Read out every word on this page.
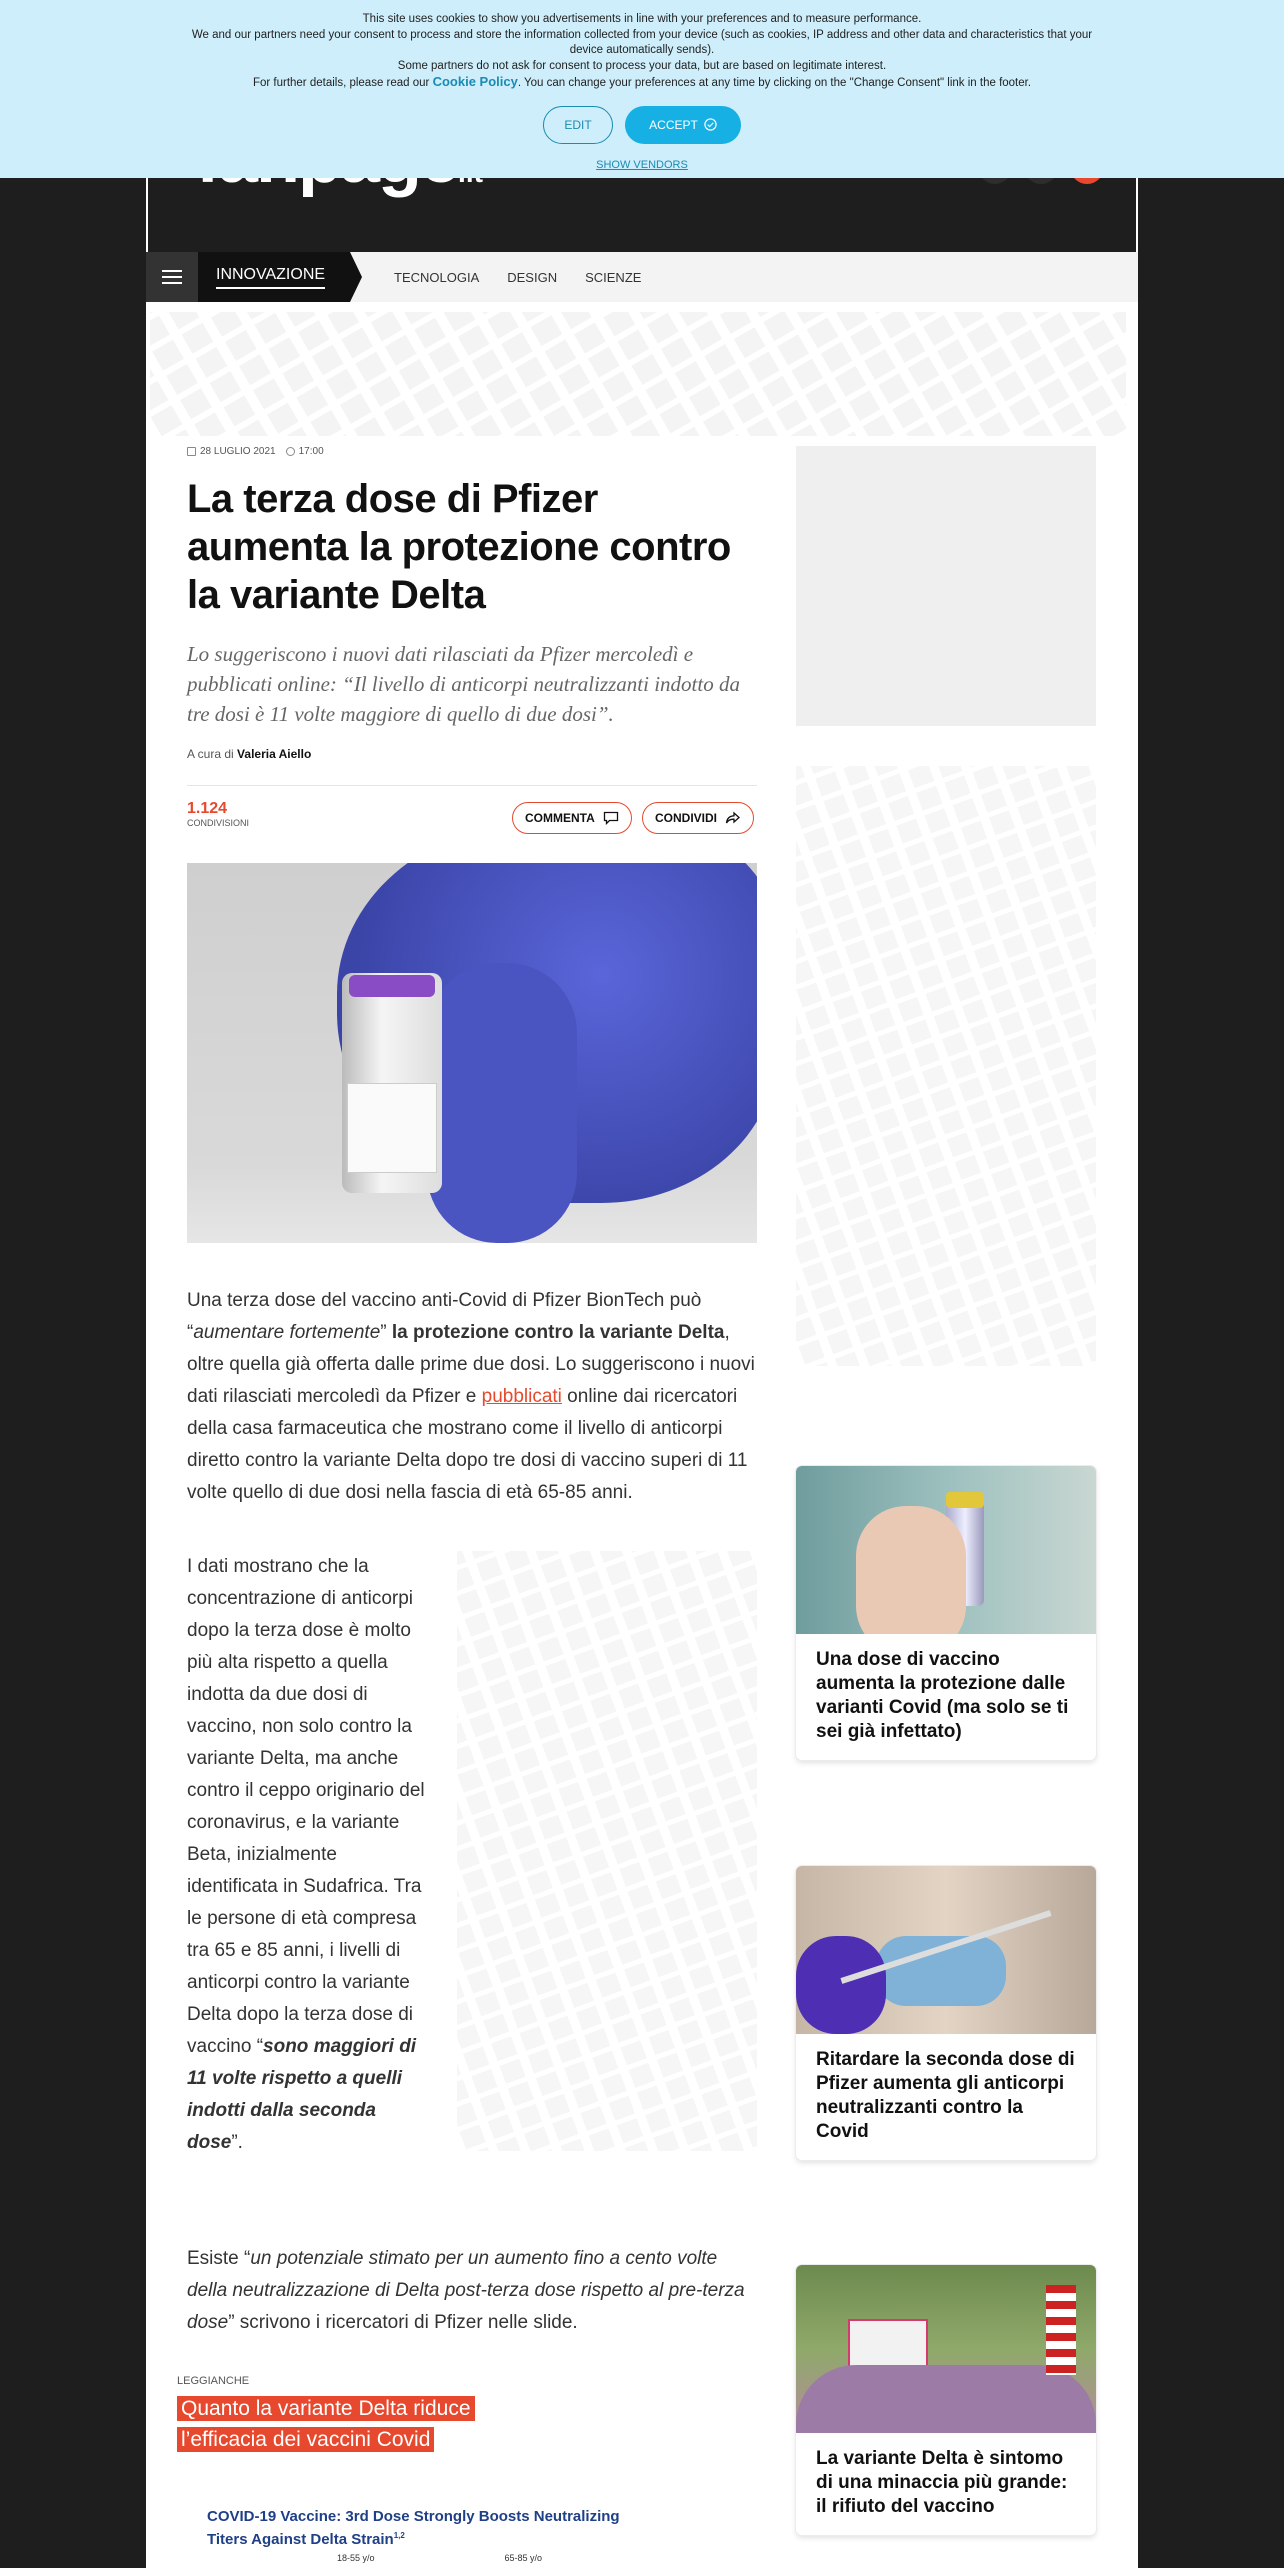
This site uses cookies to show you advertisements in line with your preferences and to measure performance.

We and our partners need your consent to process and store the information collected from your device (such as cookies, IP address and other data and characteristics that your device automatically sends).

Some partners do not ask for consent to process your data, but are based on legitimate interest.

For further details, please read our Cookie Policy. You can change your preferences at any time by clicking on the "Change Consent" link in the footer.

EDIT	ACCEPT
SHOW VENDORS
INNOVAZIONE	TECNOLOGIA DESIGN SCIENZE
28 LUGLIO 2021	17:00
La terza dose di Pfizer aumenta la protezione contro la variante Delta

Lo suggeriscono i nuovi dati rilasciati da Pfizer mercoledì e pubblicati online: “Il livello di anticorpi neutralizzanti indotto da tre dosi è 11 volte maggiore di quello di due dosi”.

A cura di Valeria Aiello

1.124
CONDIVISIONI	COMMENTA	CONDIVIDI
Una terza dose del vaccino anti-Covid di Pfizer BionTech può “aumentare fortemente” la protezione contro la variante Delta, oltre quella già offerta dalle prime due dosi. Lo suggeriscono i nuovi dati rilasciati mercoledì da Pfizer e pubblicati online dai ricercatori della casa farmaceutica che mostrano come il livello di anticorpi diretto contro la variante Delta dopo tre dosi di vaccino superi di 11 volte quello di due dosi nella fascia di età 65-85 anni.
I dati mostrano che la concentrazione di anticorpi dopo la terza dose è molto più alta rispetto a quella indotta da due dosi di vaccino, non solo contro la variante Delta, ma anche contro il ceppo originario del coronavirus, e la variante Beta, inizialmente identificata in Sudafrica. Tra le persone di età compresa tra 65 e 85 anni, i livelli di anticorpi contro la variante Delta dopo la terza dose di vaccino “sono maggiori di 11 volte rispetto a quelli indotti dalla seconda dose”.
Esiste “un potenziale stimato per un aumento fino a cento volte della neutralizzazione di Delta post-terza dose rispetto al pre-terza dose” scrivono i ricercatori di Pfizer nelle slide.
LEGGIANCHE
Quanto la variante Delta riduce l’efficacia dei vaccini Covid
COVID-19 Vaccine: 3rd Dose Strongly Boosts Neutralizing Titers Against Delta Strain$^{1,2}$
18-55 y/o	65-85 y/o
Una dose di vaccino aumenta la protezione dalle varianti Covid (ma solo se ti sei già infettato)
Ritardare la seconda dose di Pfizer aumenta gli anticorpi neutralizzanti contro la Covid
La variante Delta è sintomo di una minaccia più grande: il rifiuto del vaccino
